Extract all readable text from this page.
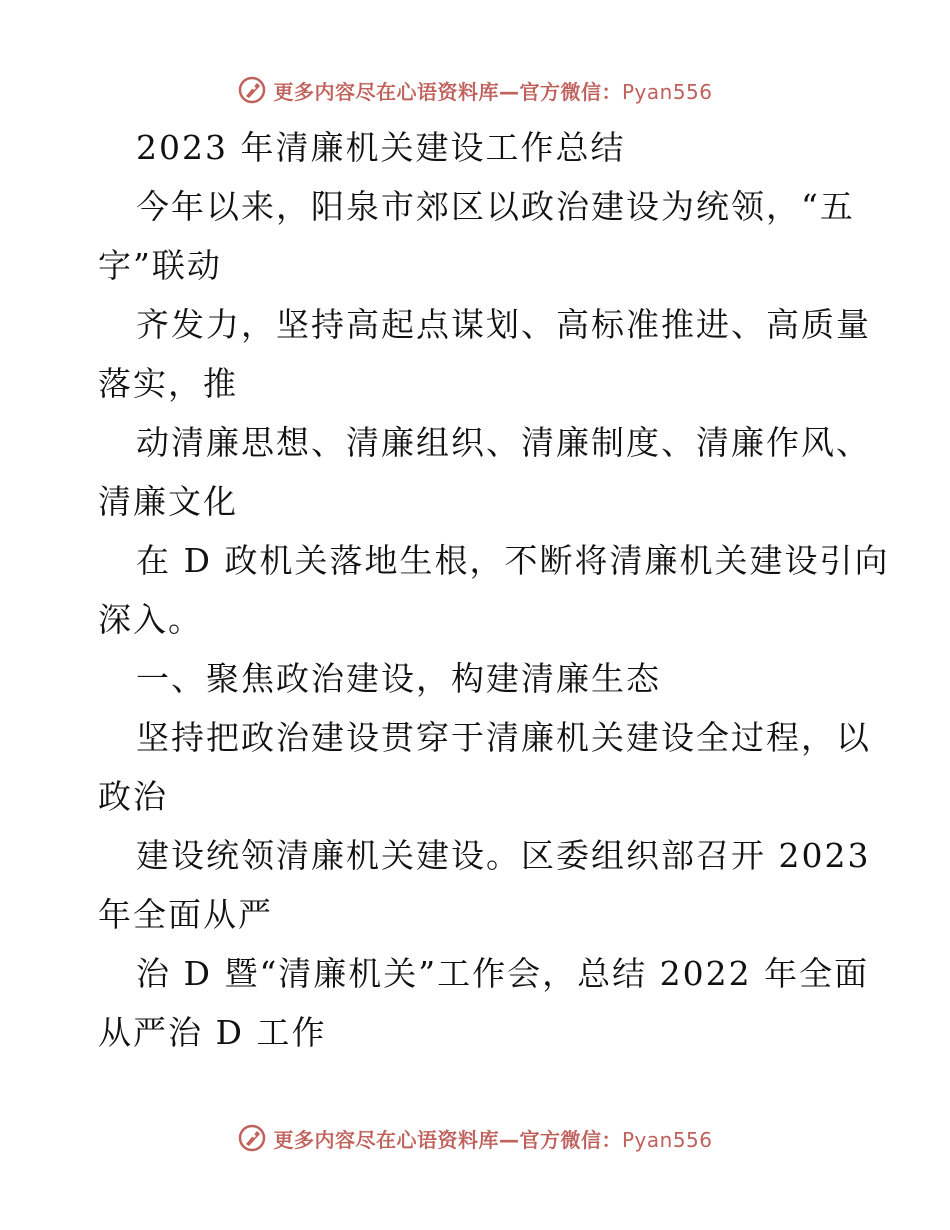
更多内容尽在心语资料库—官方微信：Pyan556
2023 年清廉机关建设工作总结
今年以来，阳泉市郊区以政治建设为统领，“五
字”联动
齐发力，坚持高起点谋划、高标准推进、高质量
落实，推
动清廉思想、清廉组织、清廉制度、清廉作风、
清廉文化
在 D 政机关落地生根，不断将清廉机关建设引向
深入。
一、聚焦政治建设，构建清廉生态
坚持把政治建设贯穿于清廉机关建设全过程，以
政治
建设统领清廉机关建设。区委组织部召开 2023
年全面从严
治 D 暨“清廉机关”工作会，总结 2022 年全面
从严治 D 工作
更多内容尽在心语资料库—官方微信：Pyan556
